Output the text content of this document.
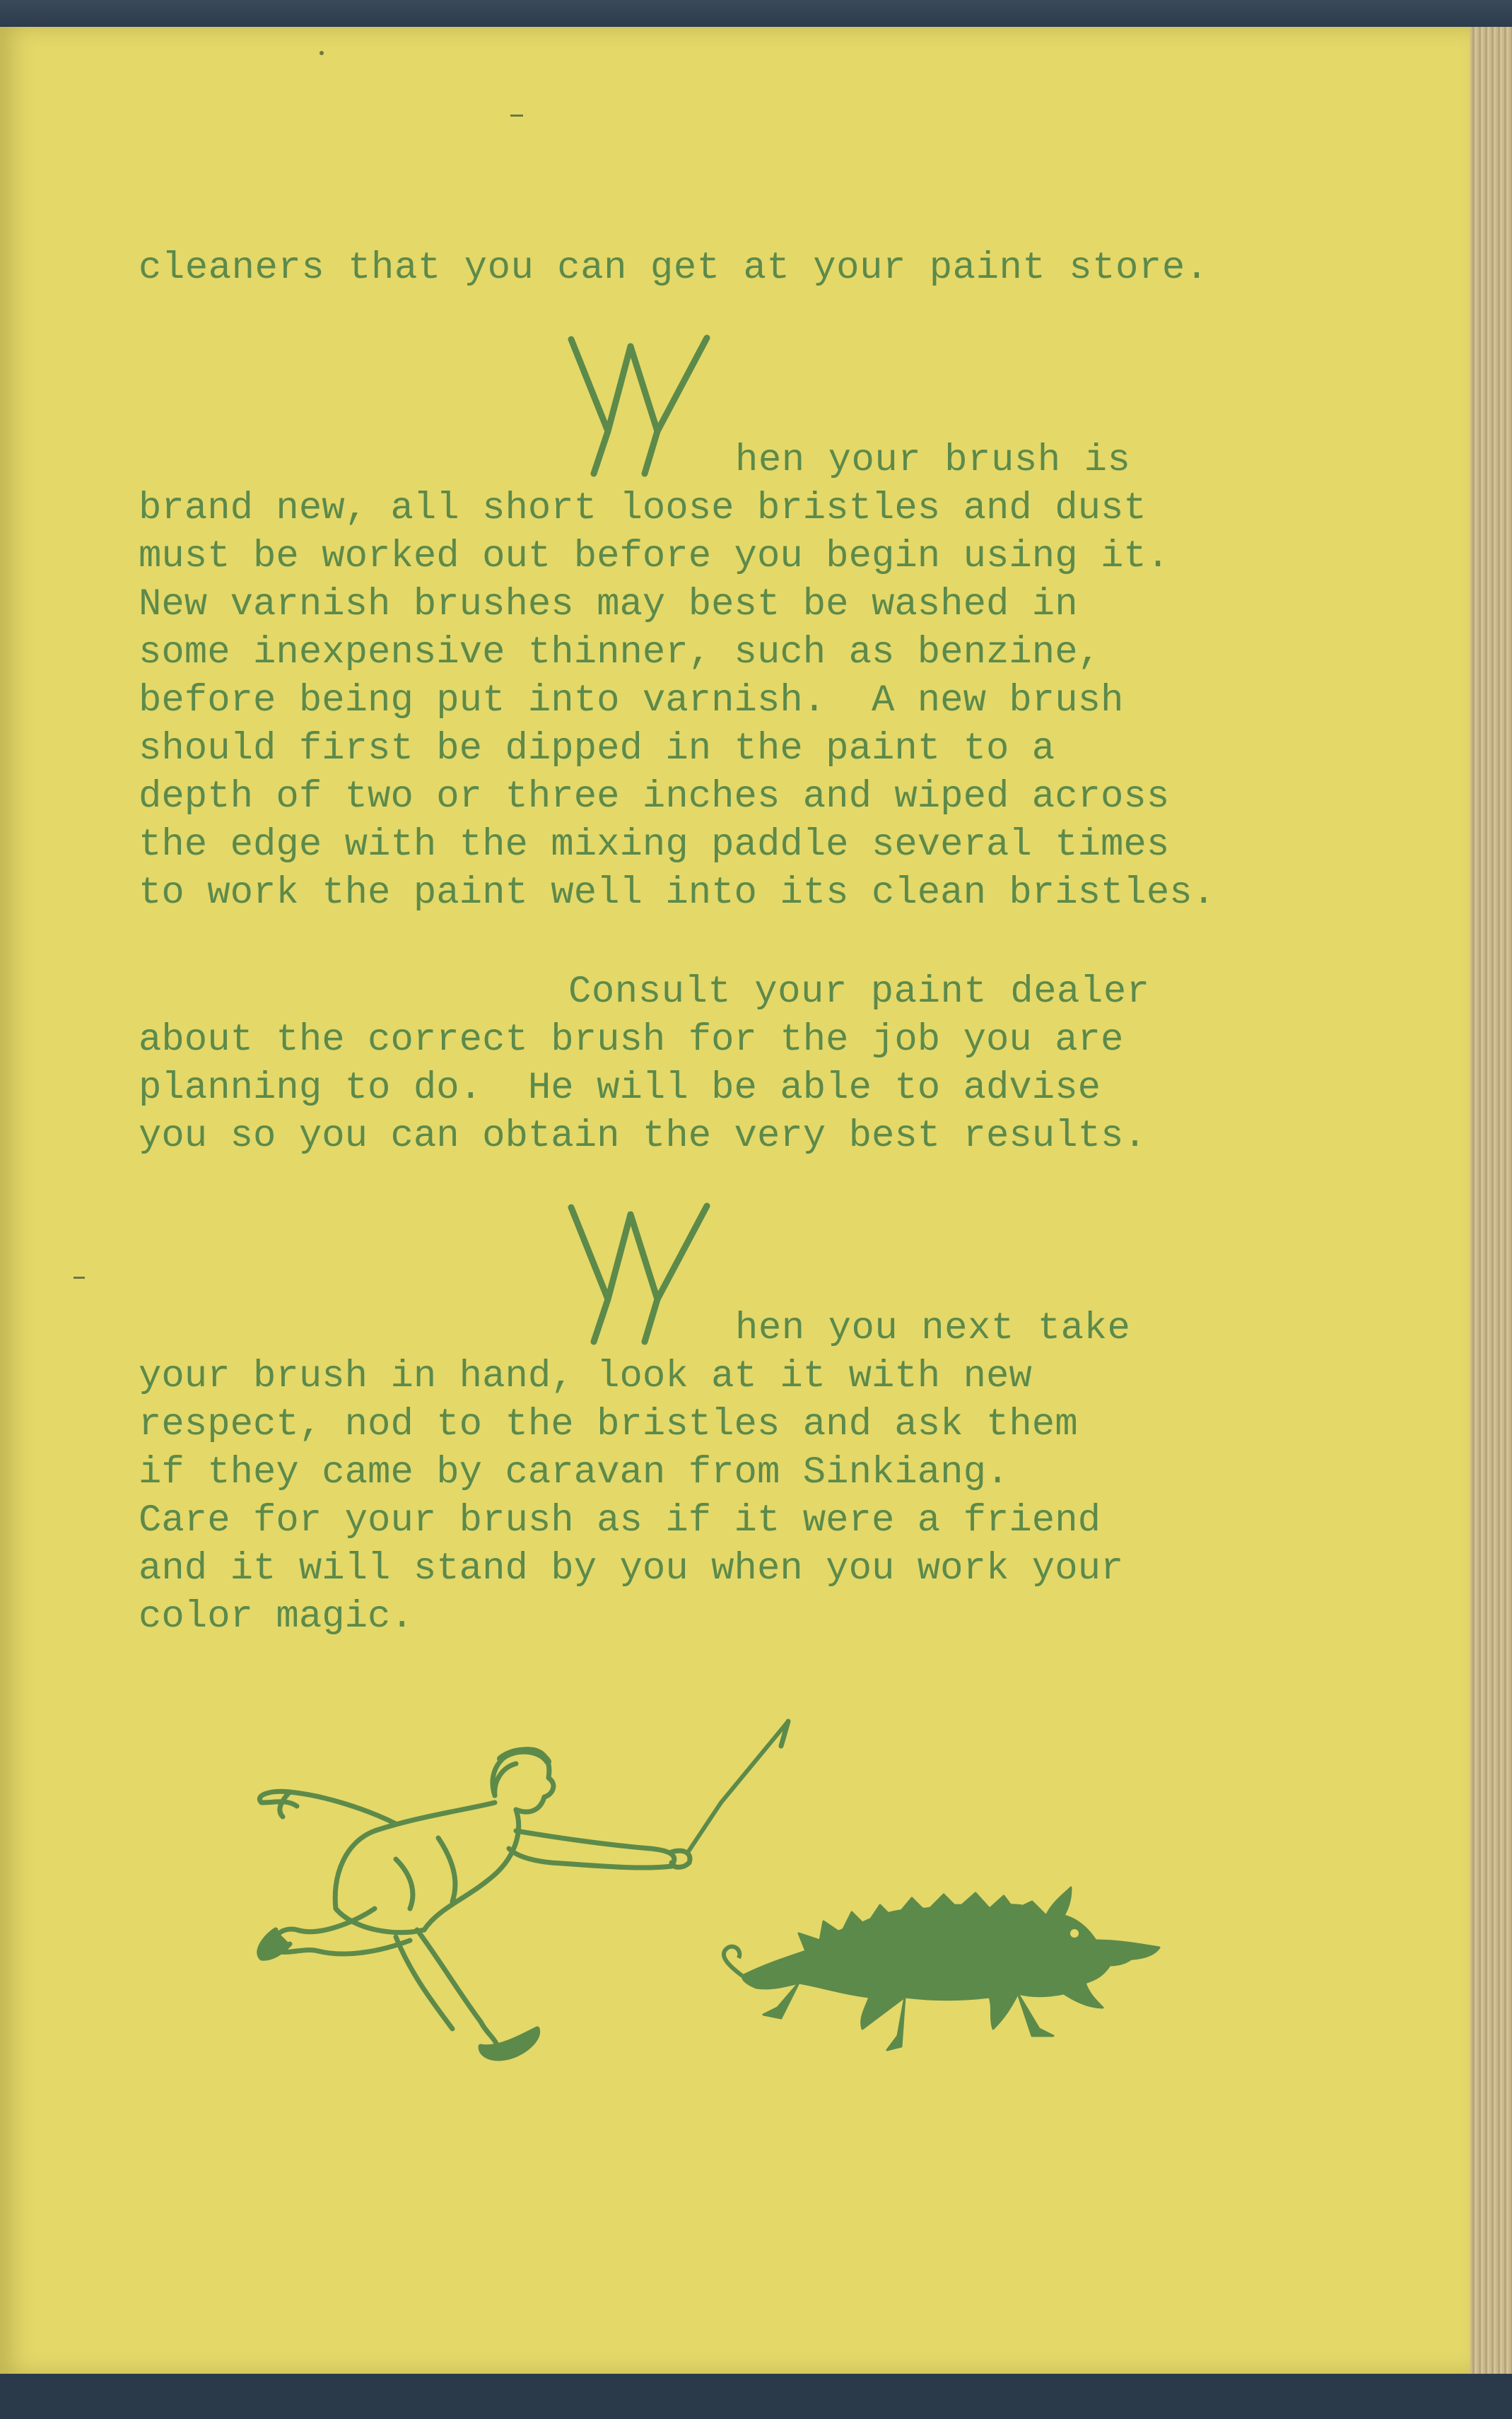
cleaners that you can get at your paint store.
W
hen your brush is
brand new, all short loose bristles and dust
must be worked out before you begin using it.
New varnish brushes may best be washed in
some inexpensive thinner, such as benzine,
before being put into varnish.  A new brush
should first be dipped in the paint to a
depth of two or three inches and wiped across
the edge with the mixing paddle several times
to work the paint well into its clean bristles.
Consult your paint dealer
about the correct brush for the job you are
planning to do.  He will be able to advise
you so you can obtain the very best results.
W
hen you next take
your brush in hand, look at it with new
respect, nod to the bristles and ask them
if they came by caravan from Sinkiang.
Care for your brush as if it were a friend
and it will stand by you when you work your
color magic.
